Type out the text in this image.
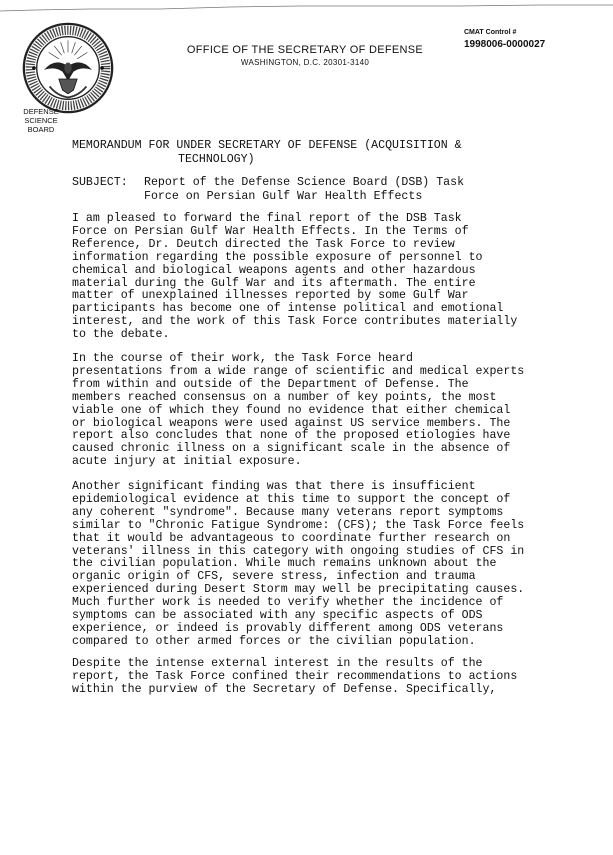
OFFICE OF THE SECRETARY OF DEFENSE
WASHINGTON, D.C. 20301-3140
CMAT Control #
1998006-0000027
DEFENSE SCIENCE
BOARD
MEMORANDUM FOR UNDER SECRETARY OF DEFENSE (ACQUISITION &
TECHNOLOGY)
SUBJECT:	Report of the Defense Science Board (DSB) Task
Force on Persian Gulf War Health Effects
I am pleased to forward the final report of the DSB Task
Force on Persian Gulf War Health Effects. In the Terms of
Reference, Dr. Deutch directed the Task Force to review
information regarding the possible exposure of personnel to
chemical and biological weapons agents and other hazardous
material during the Gulf War and its aftermath. The entire
matter of unexplained illnesses reported by some Gulf War
participants has become one of intense political and emotional
interest, and the work of this Task Force contributes materially
to the debate.
In the course of their work, the Task Force heard
presentations from a wide range of scientific and medical experts
from within and outside of the Department of Defense. The
members reached consensus on a number of key points, the most
viable one of which they found no evidence that either chemical
or biological weapons were used against US service members. The
report also concludes that none of the proposed etiologies have
caused chronic illness on a significant scale in the absence of
acute injury at initial exposure.
Another significant finding was that there is insufficient
epidemiological evidence at this time to support the concept of
any coherent "syndrome". Because many veterans report symptoms
similar to "Chronic Fatigue Syndrome: (CFS); the Task Force feels
that it would be advantageous to coordinate further research on
veterans' illness in this category with ongoing studies of CFS in
the civilian population. While much remains unknown about the
organic origin of CFS, severe stress, infection and trauma
experienced during Desert Storm may well be precipitating causes.
Much further work is needed to verify whether the incidence of
symptoms can be associated with any specific aspects of ODS
experience, or indeed is provably different among ODS veterans
compared to other armed forces or the civilian population.
Despite the intense external interest in the results of the
report, the Task Force confined their recommendations to actions
within the purview of the Secretary of Defense. Specifically,
